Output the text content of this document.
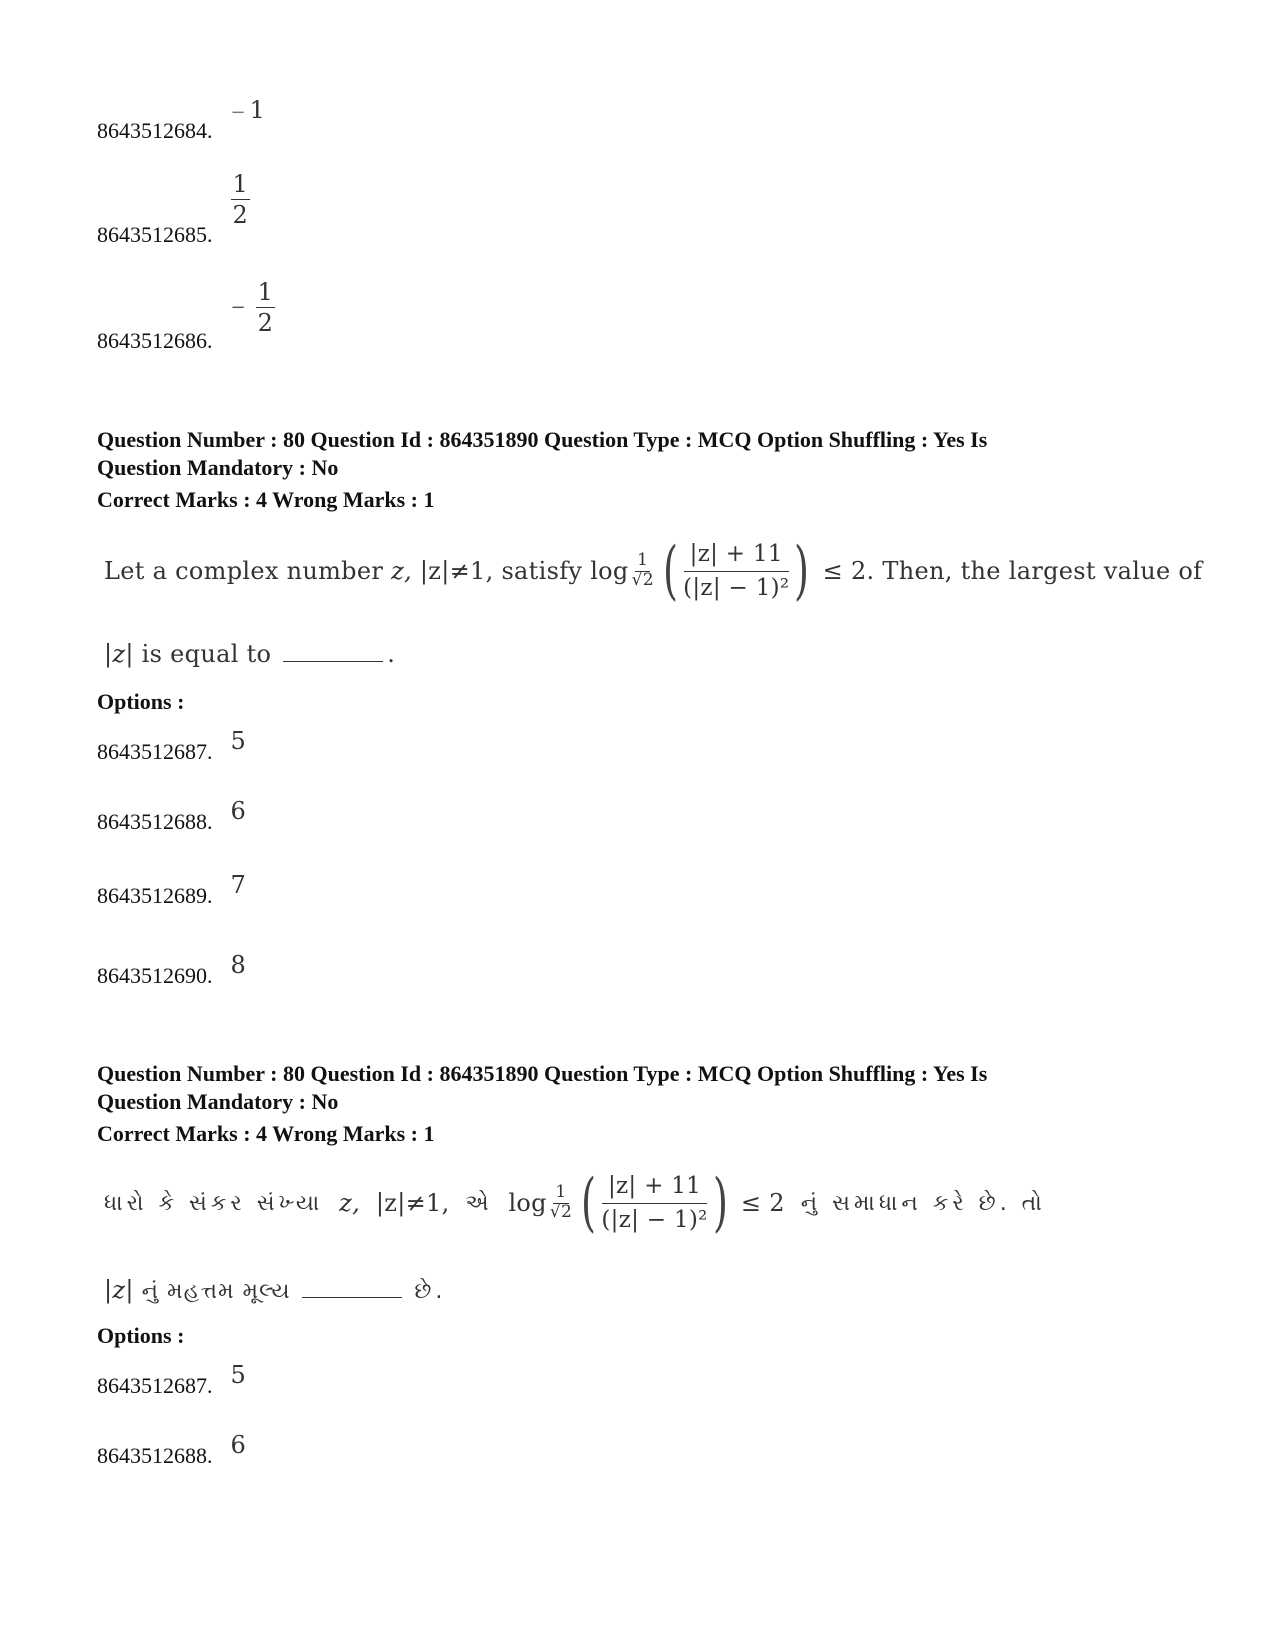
8643512684. − 1
8643512685.
$\frac{1}{2}$
8643512686. − $\frac{1}{2}$
Question Number : 80 Question Id : 864351890 Question Type : MCQ Option Shuffling : Yes Is
Question Mandatory : No
Correct Marks : 4 Wrong Marks : 1
Let a complex number
z,
|z|≠1,
satisfy
$\log \frac{1}{√2}$ ( $\frac{|z| + 11}{\text{(|z| − 1)²}}$ )
≤ 2.
Then, the largest value of
|z| is equal to	.
Options :
8643512687. 5
8643512688. 6
8643512689. 7
8643512690. 8
Question Number : 80 Question Id : 864351890 Question Type : MCQ Option Shuffling : Yes Is
Question Mandatory : No
Correct Marks : 4 Wrong Marks : 1
ધારો કે સંકર સંખ્યા
z,
|z|≠1,
એ
$\log \frac{1}{√2}$ ( $\frac{|z| + 11}{\text{(|z| − 1)²}}$ )
≤ 2
નું સમાધાન કરે છે. તો
|z| નું મહત્તમ મૂલ્ય	છે.
Options :
8643512687. 5
8643512688. 6
